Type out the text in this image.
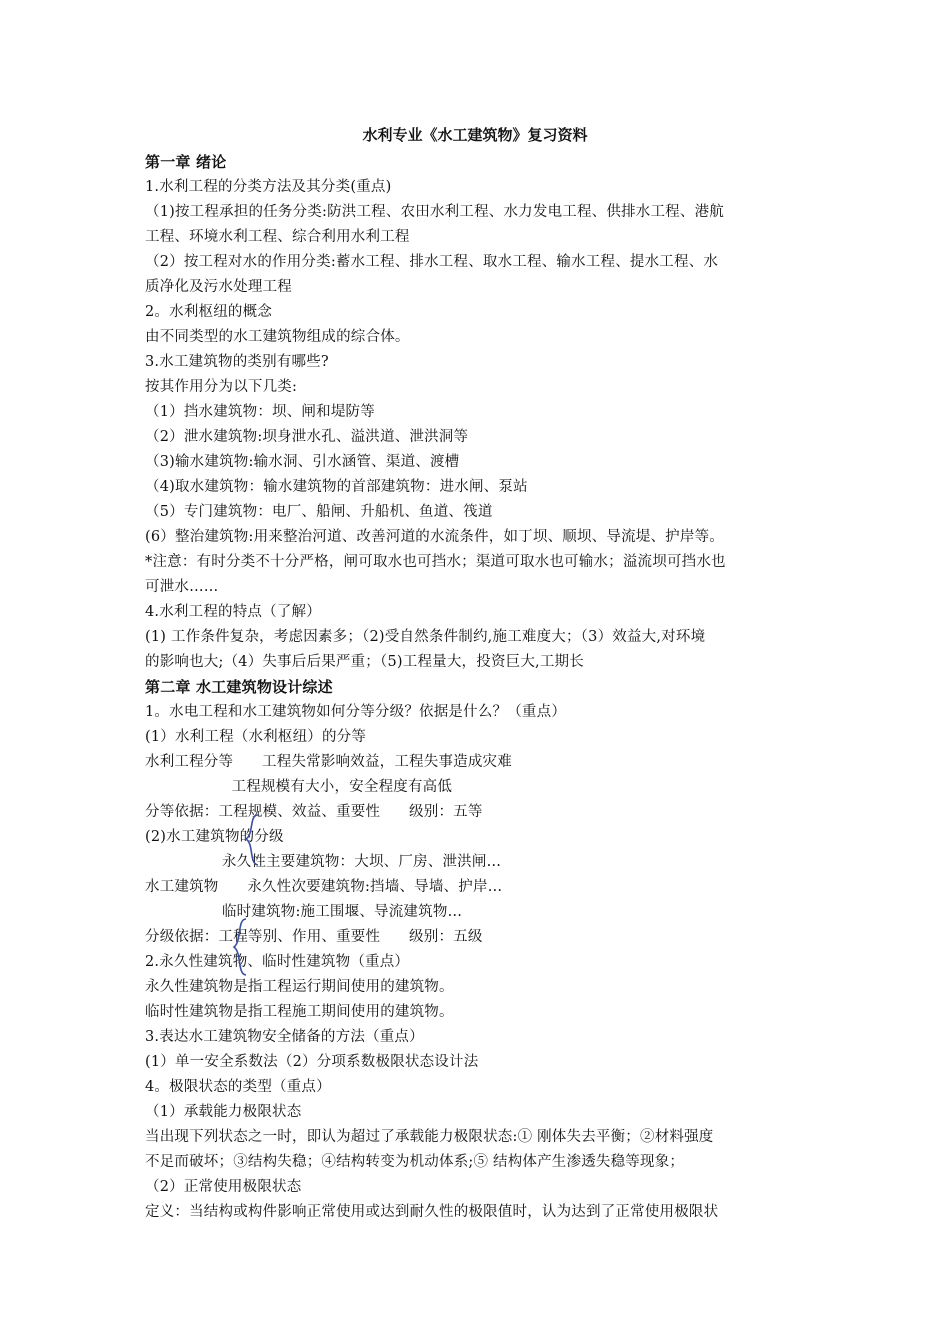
水利专业《水工建筑物》复习资料
第一章 绪论
1.水利工程的分类方法及其分类(重点)
（1)按工程承担的任务分类:防洪工程、农田水利工程、水力发电工程、供排水工程、港航
工程、环境水利工程、综合利用水利工程
（2）按工程对水的作用分类:蓄水工程、排水工程、取水工程、输水工程、提水工程、水
质净化及污水处理工程
2。水利枢纽的概念
由不同类型的水工建筑物组成的综合体。
3.水工建筑物的类别有哪些?
按其作用分为以下几类:
（1）挡水建筑物：坝、闸和堤防等
（2）泄水建筑物:坝身泄水孔、溢洪道、泄洪洞等
（3)输水建筑物:输水洞、引水涵管、渠道、渡槽
（4)取水建筑物：输水建筑物的首部建筑物：进水闸、泵站
（5）专门建筑物：电厂、船闸、升船机、鱼道、筏道
(6）整治建筑物:用来整治河道、改善河道的水流条件，如丁坝、顺坝、导流堤、护岸等。
*注意：有时分类不十分严格，闸可取水也可挡水；渠道可取水也可输水；溢流坝可挡水也
可泄水……
4.水利工程的特点（了解）
(1) 工作条件复杂，考虑因素多；（2)受自然条件制约,施工难度大；（3）效益大,对环境
的影响也大;（4）失事后后果严重；（5)工程量大，投资巨大,工期长
第二章 水工建筑物设计综述
1。水电工程和水工建筑物如何分等分级？依据是什么？（重点）
(1）水利工程（水利枢纽）的分等
水利工程分等      工程失常影响效益，工程失事造成灾难
工程规模有大小，安全程度有高低
分等依据：工程规模、效益、重要性      级别：五等
(2)水工建筑物的分级
永久性主要建筑物：大坝、厂房、泄洪闸…
水工建筑物      永久性次要建筑物:挡墙、导墙、护岸…
临时建筑物:施工围堰、导流建筑物…
分级依据：工程等别、作用、重要性      级别：五级
2.永久性建筑物、临时性建筑物（重点）
永久性建筑物是指工程运行期间使用的建筑物。
临时性建筑物是指工程施工期间使用的建筑物。
3.表达水工建筑物安全储备的方法（重点）
(1）单一安全系数法（2）分项系数极限状态设计法
4。极限状态的类型（重点）
（1）承载能力极限状态
当出现下列状态之一时，即认为超过了承载能力极限状态:① 刚体失去平衡；②材料强度
不足而破坏；③结构失稳；④结构转变为机动体系;⑤ 结构体产生渗透失稳等现象；
（2）正常使用极限状态
定义：当结构或构件影响正常使用或达到耐久性的极限值时，认为达到了正常使用极限状
